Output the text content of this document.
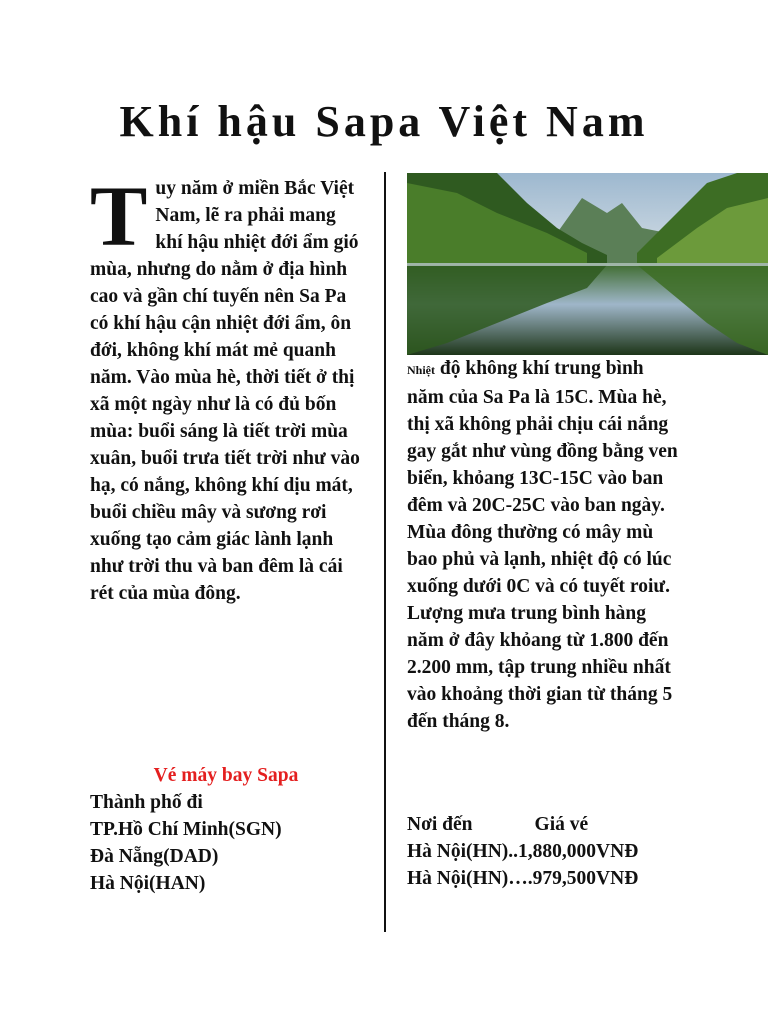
Khí hậu Sapa Việt Nam

Tuy năm ở miền Bắc Việt Nam, lẽ ra phải mang khí hậu nhiệt đới ẩm gió mùa, nhưng do nằm ở địa hình cao và gần chí tuyến nên Sa Pa có khí hậu cận nhiệt đới ẩm, ôn đới, không khí mát mẻ quanh năm. Vào mùa hè, thời tiết ở thị xã một ngày như là có đủ bốn mùa: buổi sáng là tiết trời mùa xuân, buổi trưa tiết trời như vào hạ, có nắng, không khí dịu mát, buổi chiều mây và sương rơi xuống tạo cảm giác lành lạnh như trời thu và ban đêm là cái rét của mùa đông.

Nhiệt độ không khí trung bình năm của Sa Pa là 15C. Mùa hè, thị xã không phải chịu cái nắng gay gắt như vùng đồng bằng ven biển, khỏang 13C-15C vào ban đêm và 20C-25C vào ban ngày. Mùa đông thường có mây mù bao phủ và lạnh, nhiệt độ có lúc xuống dưới 0C và có tuyết roiư. Lượng mưa trung bình hàng năm ở đây khỏang từ 1.800 đến 2.200 mm, tập trung nhiều nhất vào khoảng thời gian từ tháng 5 đến tháng 8.
Vé máy bay Sapa
Thành phố đi
TP.Hồ Chí Minh(SGN)
Đà Nẵng(DAD)
Hà Nội(HAN)
Nơi đến	Giá vé
Hà Nội(HN)..1,880,000VNĐ
Hà Nội(HN)….979,500VNĐ
